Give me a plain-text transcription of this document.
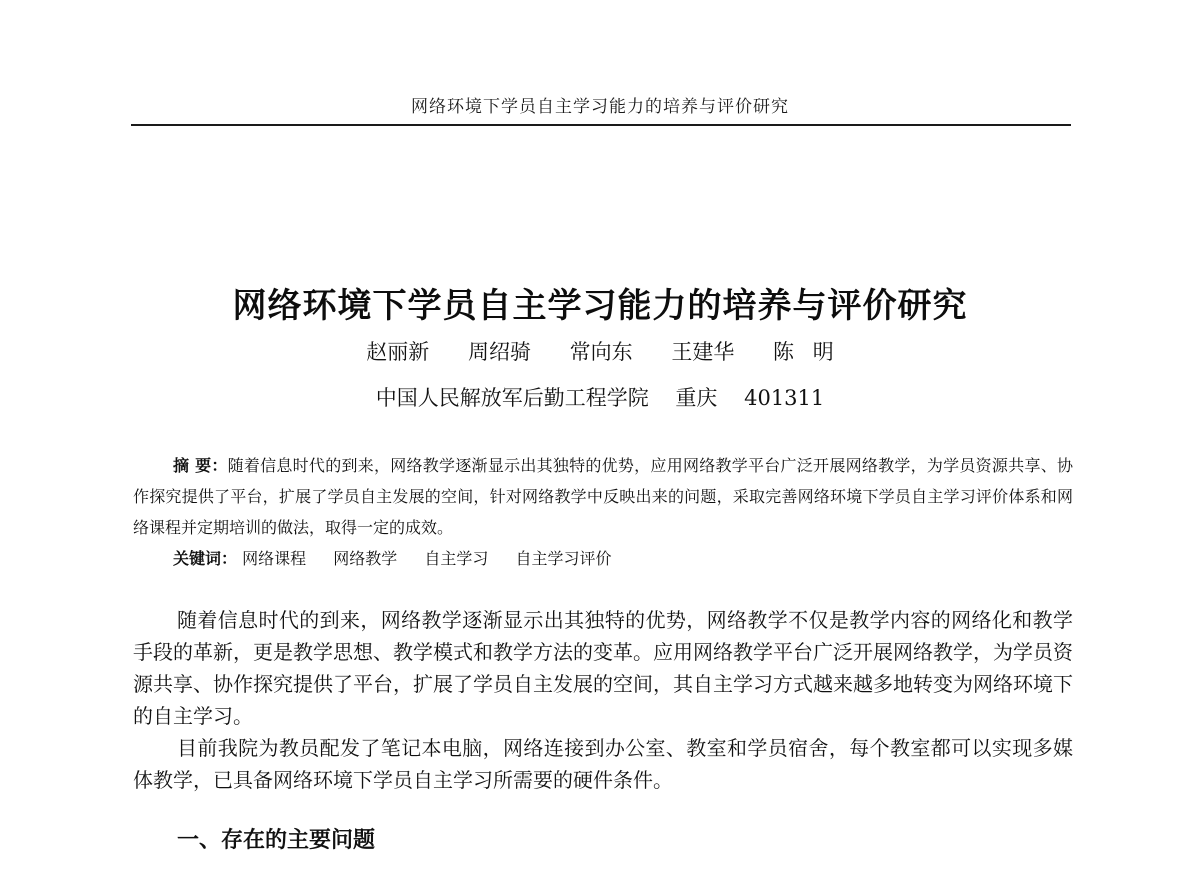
网络环境下学员自主学习能力的培养与评价研究
网络环境下学员自主学习能力的培养与评价研究
赵丽新 周绍骑 常向东 王建华 陈 明
中国人民解放军后勤工程学院 重庆 401311
摘 要：随着信息时代的到来，网络教学逐渐显示出其独特的优势，应用网络教学平台广泛开展网络教学，为学员资源共享、协作探究提供了平台，扩展了学员自主发展的空间，针对网络教学中反映出来的问题，采取完善网络环境下学员自主学习评价体系和网络课程并定期培训的做法，取得一定的成效。
关键词： 网络课程 网络教学 自主学习 自主学习评价

随着信息时代的到来，网络教学逐渐显示出其独特的优势，网络教学不仅是教学内容的网络化和教学手段的革新，更是教学思想、教学模式和教学方法的变革。应用网络教学平台广泛开展网络教学，为学员资源共享、协作探究提供了平台，扩展了学员自主发展的空间，其自主学习方式越来越多地转变为网络环境下的自主学习。

目前我院为教员配发了笔记本电脑，网络连接到办公室、教室和学员宿舍，每个教室都可以实现多媒体教学，已具备网络环境下学员自主学习所需要的硬件条件。

一、存在的主要问题
